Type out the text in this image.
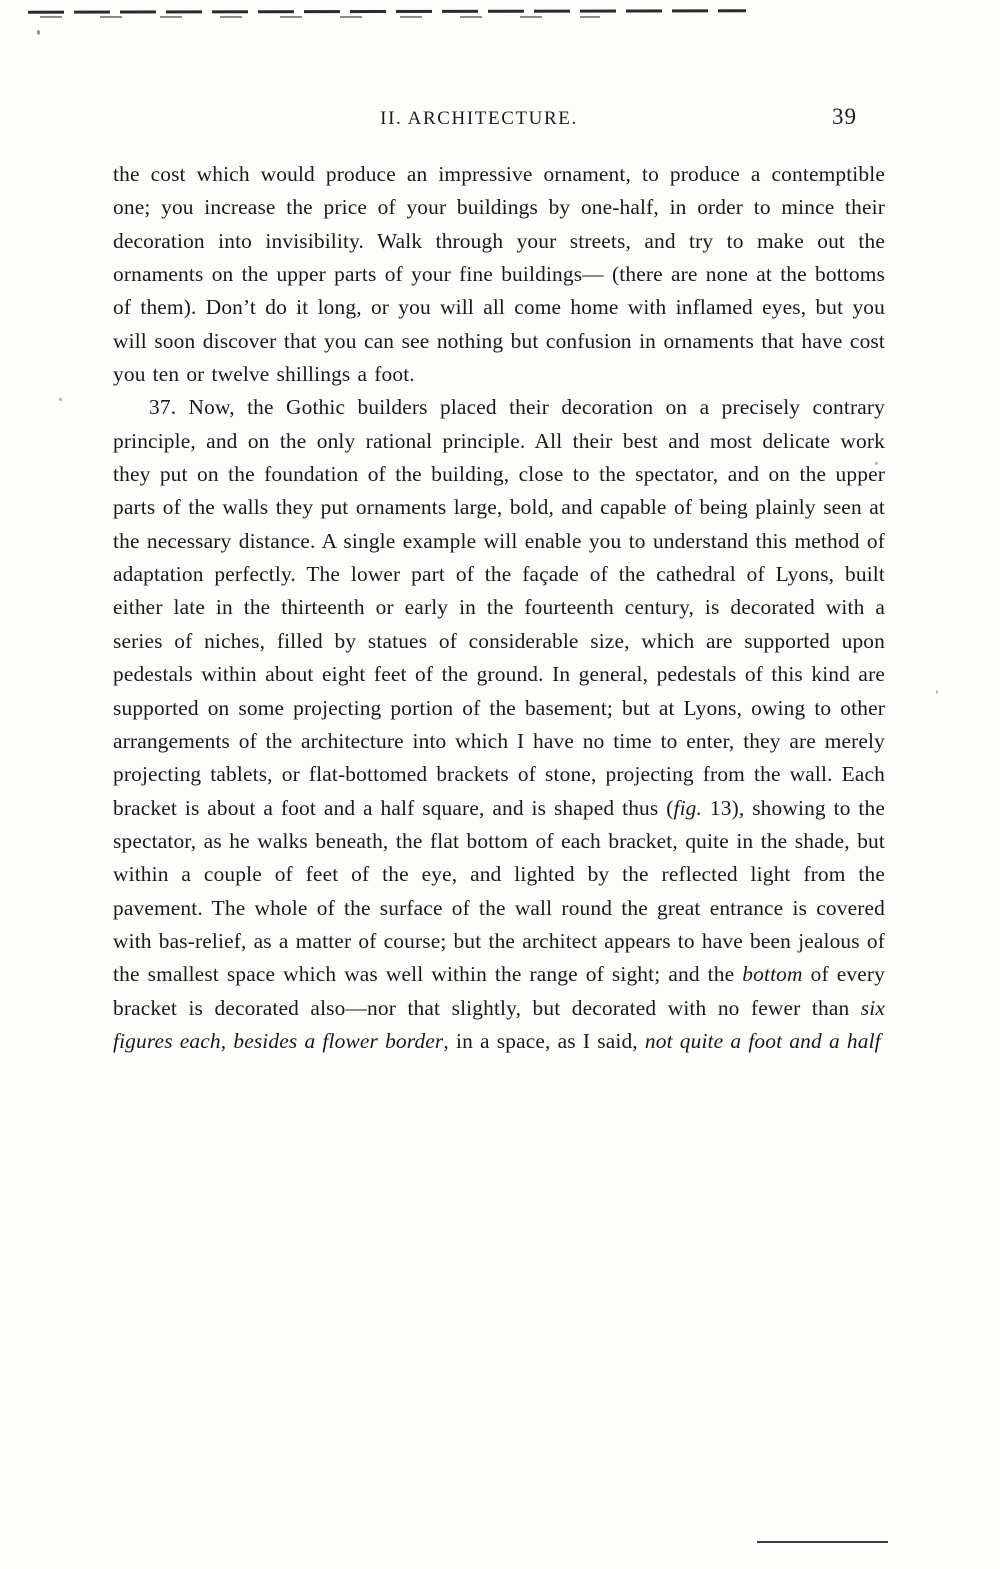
II. ARCHITECTURE.	39

the cost which would produce an impressive ornament, to produce a contemptible one; you increase the price of your buildings by one-half, in order to mince their decoration into invisibility. Walk through your streets, and try to make out the ornaments on the upper parts of your fine buildings— (there are none at the bottoms of them). Don’t do it long, or you will all come home with inflamed eyes, but you will soon discover that you can see nothing but confusion in ornaments that have cost you ten or twelve shillings a foot.

37. Now, the Gothic builders placed their decoration on a precisely contrary principle, and on the only rational principle. All their best and most delicate work they put on the foundation of the building, close to the spectator, and on the upper parts of the walls they put ornaments large, bold, and capable of being plainly seen at the necessary distance. A single example will enable you to understand this method of adaptation perfectly. The lower part of the façade of the cathedral of Lyons, built either late in the thirteenth or early in the fourteenth century, is decorated with a series of niches, filled by statues of considerable size, which are supported upon pedestals within about eight feet of the ground. In general, pedestals of this kind are supported on some projecting portion of the basement; but at Lyons, owing to other arrangements of the architecture into which I have no time to enter, they are merely projecting tablets, or flat-bottomed brackets of stone, projecting from the wall. Each bracket is about a foot and a half square, and is shaped thus (fig. 13), showing to the spectator, as he walks beneath, the flat bottom of each bracket, quite in the shade, but within a couple of feet of the eye, and lighted by the reflected light from the pavement. The whole of the surface of the wall round the great entrance is covered with bas-relief, as a matter of course; but the architect appears to have been jealous of the smallest space which was well within the range of sight; and the bottom of every bracket is decorated also—nor that slightly, but decorated with no fewer than six figures each, besides a flower border, in a space, as I said, not quite a foot and a half
